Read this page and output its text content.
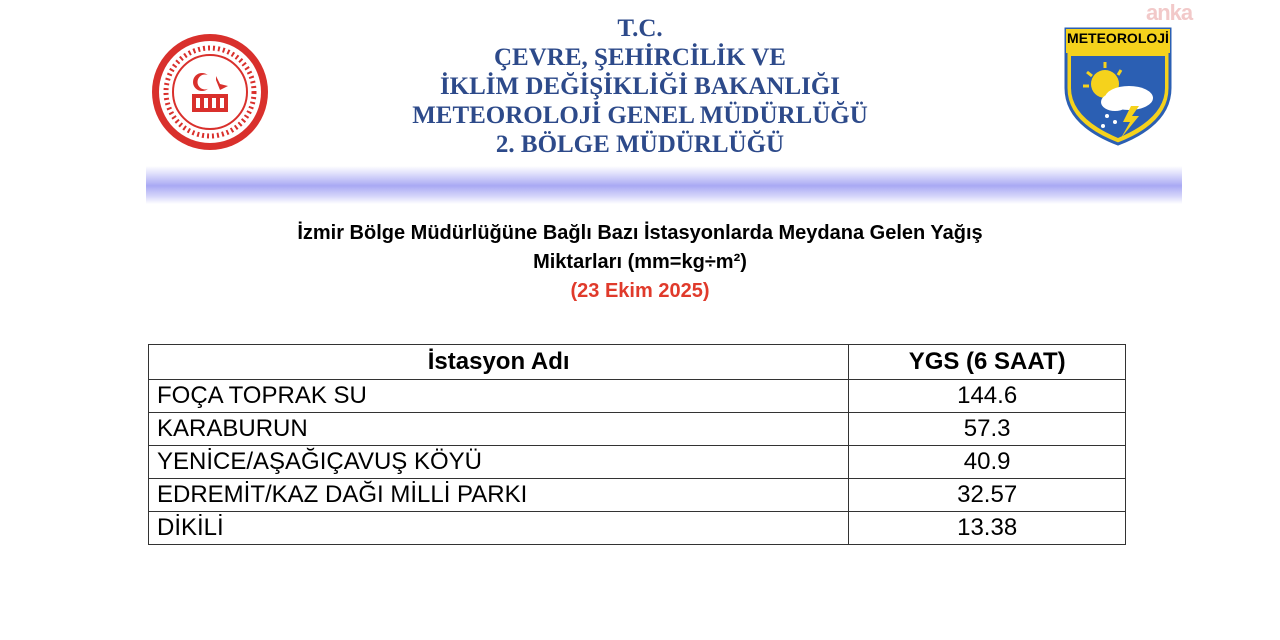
anka
T.C.
ÇEVRE, ŞEHİRCİLİK VE
İKLİM DEĞİŞİKLİĞİ BAKANLIĞI
METEOROLOJİ GENEL MÜDÜRLÜĞÜ
2. BÖLGE MÜDÜRLÜĞÜ
METEOROLOJİ
İzmir Bölge Müdürlüğüne Bağlı Bazı İstasyonlarda Meydana Gelen Yağış
Miktarları (mm=kg÷m²)
(23 Ekim 2025)
İstasyon Adı	YGS (6 SAAT)
FOÇA TOPRAK SU	144.6
KARABURUN	57.3
YENİCE/AŞAĞIÇAVUŞ KÖYÜ	40.9
EDREMİT/KAZ DAĞI MİLLİ PARKI	32.57
DİKİLİ	13.38
